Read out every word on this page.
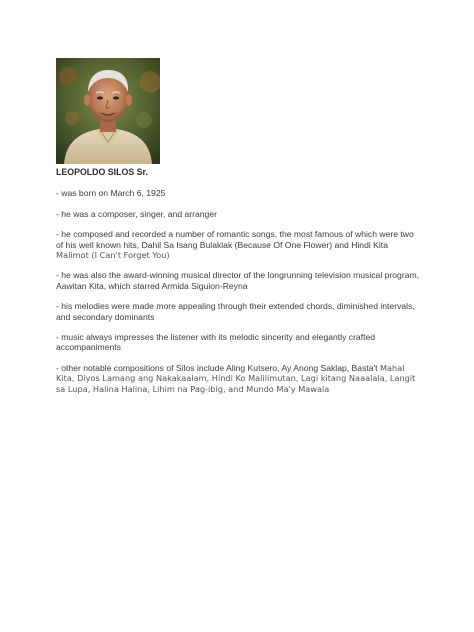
LEOPOLDO SILOS Sr.

- was born on March 6, 1925

- he was a composer, singer, and arranger

- he composed and recorded a number of romantic songs, the most famous of which were two of his well known hits, Dahil Sa Isang Bulaklak (Because Of One Flower) and Hindi Kita Malimot (I Can't Forget You)

- he was also the award-winning musical director of the longrunning television musical program, Aawitan Kita, which starred Armida Siguion-Reyna

- his melodies were made more appealing through their extended chords, diminished intervals, and secondary dominants

- music always impresses the listener with its melodic sincerity and elegantly crafted accompaniments

- other notable compositions of Silos include Aling Kutsero, Ay Anong Saklap, Basta't Mahal Kita, Diyos Lamang ang Nakakaalam, Hindi Ko Malilimutan, Lagi kitang Naaalala, Langit sa Lupa, Halina Halina, Lihim na Pag-ibig, and Mundo Ma'y Mawala
